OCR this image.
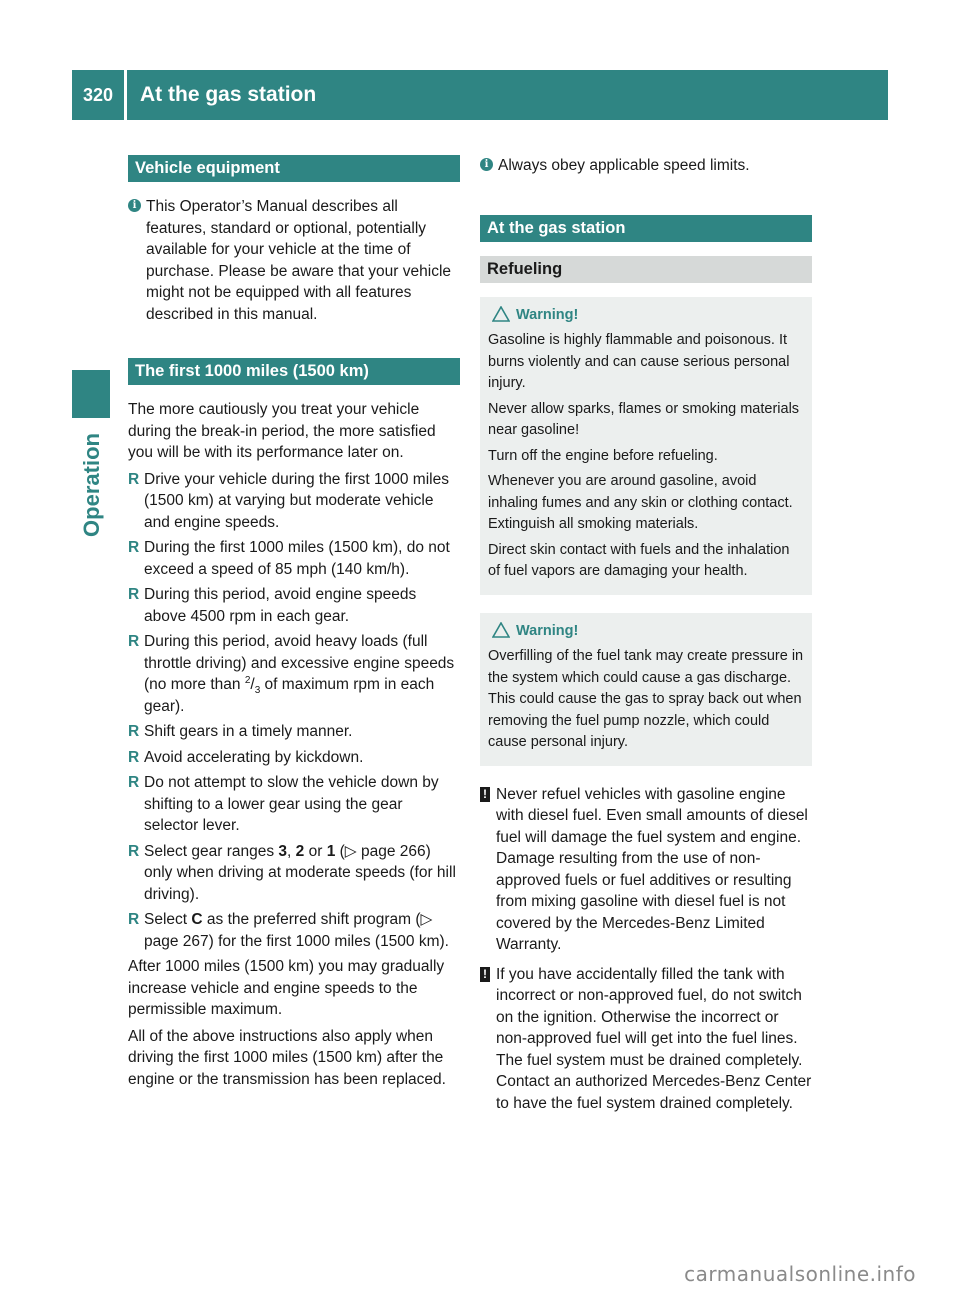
320	At the gas station
Operation
Vehicle equipment
i This Operator’s Manual describes all features, standard or optional, potentially available for your vehicle at the time of purchase. Please be aware that your vehicle might not be equipped with all features described in this manual.
The first 1000 miles (1500 km)

The more cautiously you treat your vehicle during the break-in period, the more satisfied you will be with its performance later on.

R Drive your vehicle during the first 1000 miles (1500 km) at varying but moderate vehicle and engine speeds.
R During the first 1000 miles (1500 km), do not exceed a speed of 85 mph (140 km/h).
R During this period, avoid engine speeds above 4500 rpm in each gear.
R During this period, avoid heavy loads (full throttle driving) and excessive engine speeds (no more than $^2/_3$ of maximum rpm in each gear).
R Shift gears in a timely manner.
R Avoid accelerating by kickdown.
R Do not attempt to slow the vehicle down by shifting to a lower gear using the gear selector lever.
R Select gear ranges 3, 2 or 1 (▷ page 266) only when driving at moderate speeds (for hill driving).
R Select C as the preferred shift program (▷ page 267) for the first 1000 miles (1500 km).

After 1000 miles (1500 km) you may gradually increase vehicle and engine speeds to the permissible maximum.

All of the above instructions also apply when driving the first 1000 miles (1500 km) after the engine or the transmission has been replaced.

i Always obey applicable speed limits.
At the gas station
Refueling
Warning!

Gasoline is highly flammable and poisonous. It burns violently and can cause serious personal injury.

Never allow sparks, flames or smoking materials near gasoline!

Turn off the engine before refueling.

Whenever you are around gasoline, avoid inhaling fumes and any skin or clothing contact. Extinguish all smoking materials.

Direct skin contact with fuels and the inhalation of fuel vapors are damaging your health.

Warning!

Overfilling of the fuel tank may create pressure in the system which could cause a gas discharge. This could cause the gas to spray back out when removing the fuel pump nozzle, which could cause personal injury.

! Never refuel vehicles with gasoline engine with diesel fuel. Even small amounts of diesel fuel will damage the fuel system and engine. Damage resulting from the use of non-approved fuels or fuel additives or resulting from mixing gasoline with diesel fuel is not covered by the Mercedes-Benz Limited Warranty.
! If you have accidentally filled the tank with incorrect or non-approved fuel, do not switch on the ignition. Otherwise the incorrect or non-approved fuel will get into the fuel lines. The fuel system must be drained completely. Contact an authorized Mercedes-Benz Center to have the fuel system drained completely.
carmanualsonline.info
